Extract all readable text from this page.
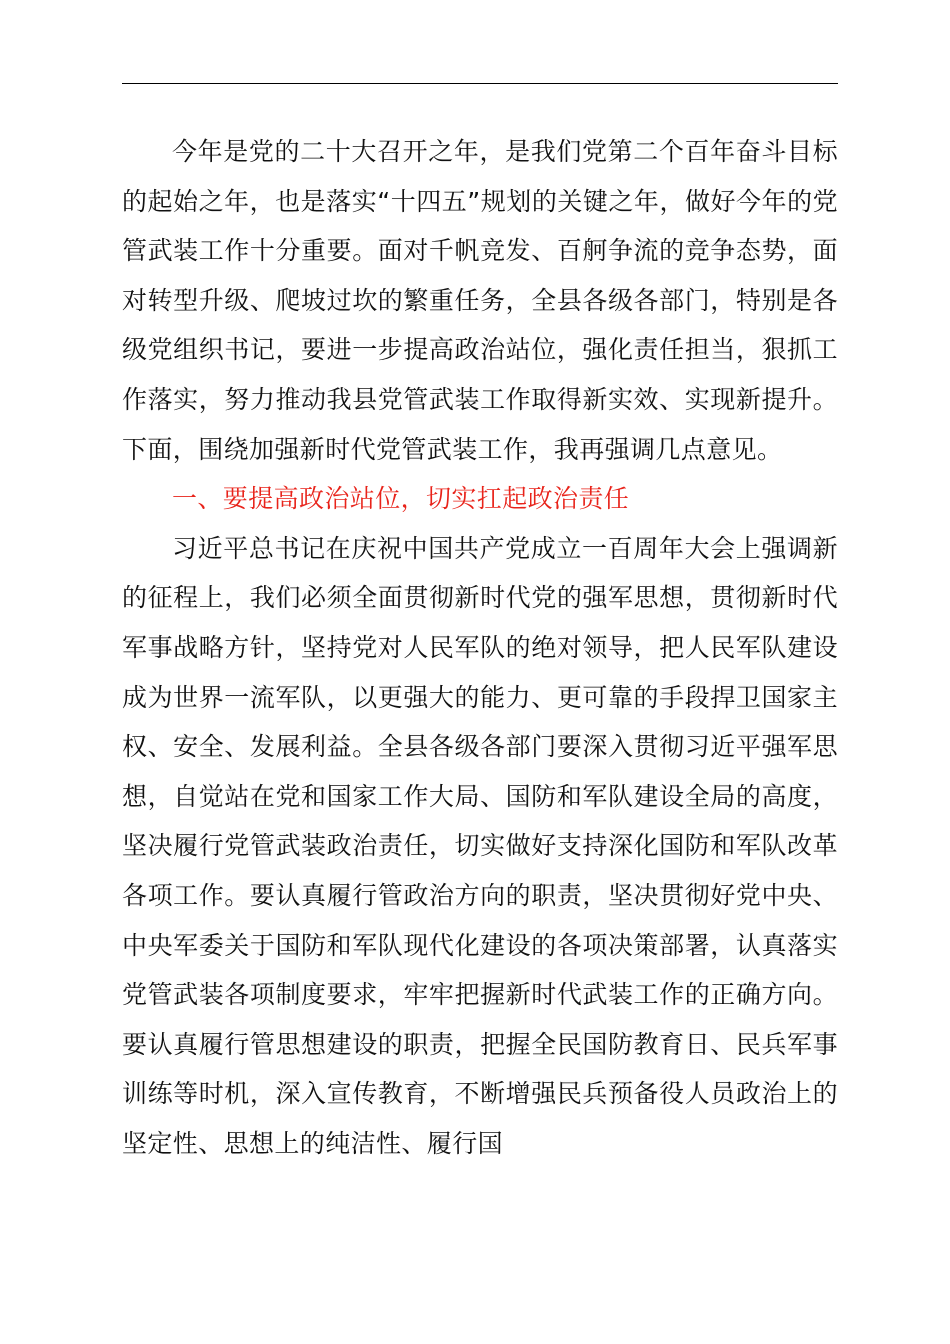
今年是党的二十大召开之年，是我们党第二个百年奋斗目标的起始之年，也是落实“十四五”规划的关键之年，做好今年的党管武装工作十分重要。面对千帆竞发、百舸争流的竞争态势，面对转型升级、爬坡过坎的繁重任务，全县各级各部门，特别是各级党组织书记，要进一步提高政治站位，强化责任担当，狠抓工作落实，努力推动我县党管武装工作取得新实效、实现新提升。下面，围绕加强新时代党管武装工作，我再强调几点意见。

一、要提高政治站位，切实扛起政治责任

习近平总书记在庆祝中国共产党成立一百周年大会上强调新的征程上，我们必须全面贯彻新时代党的强军思想，贯彻新时代军事战略方针，坚持党对人民军队的绝对领导，把人民军队建设成为世界一流军队，以更强大的能力、更可靠的手段捍卫国家主权、安全、发展利益。全县各级各部门要深入贯彻习近平强军思想，自觉站在党和国家工作大局、国防和军队建设全局的高度，坚决履行党管武装政治责任，切实做好支持深化国防和军队改革各项工作。要认真履行管政治方向的职责，坚决贯彻好党中央、中央军委关于国防和军队现代化建设的各项决策部署，认真落实党管武装各项制度要求，牢牢把握新时代武装工作的正确方向。要认真履行管思想建设的职责，把握全民国防教育日、民兵军事训练等时机，深入宣传教育，不断增强民兵预备役人员政治上的坚定性、思想上的纯洁性、履行国
